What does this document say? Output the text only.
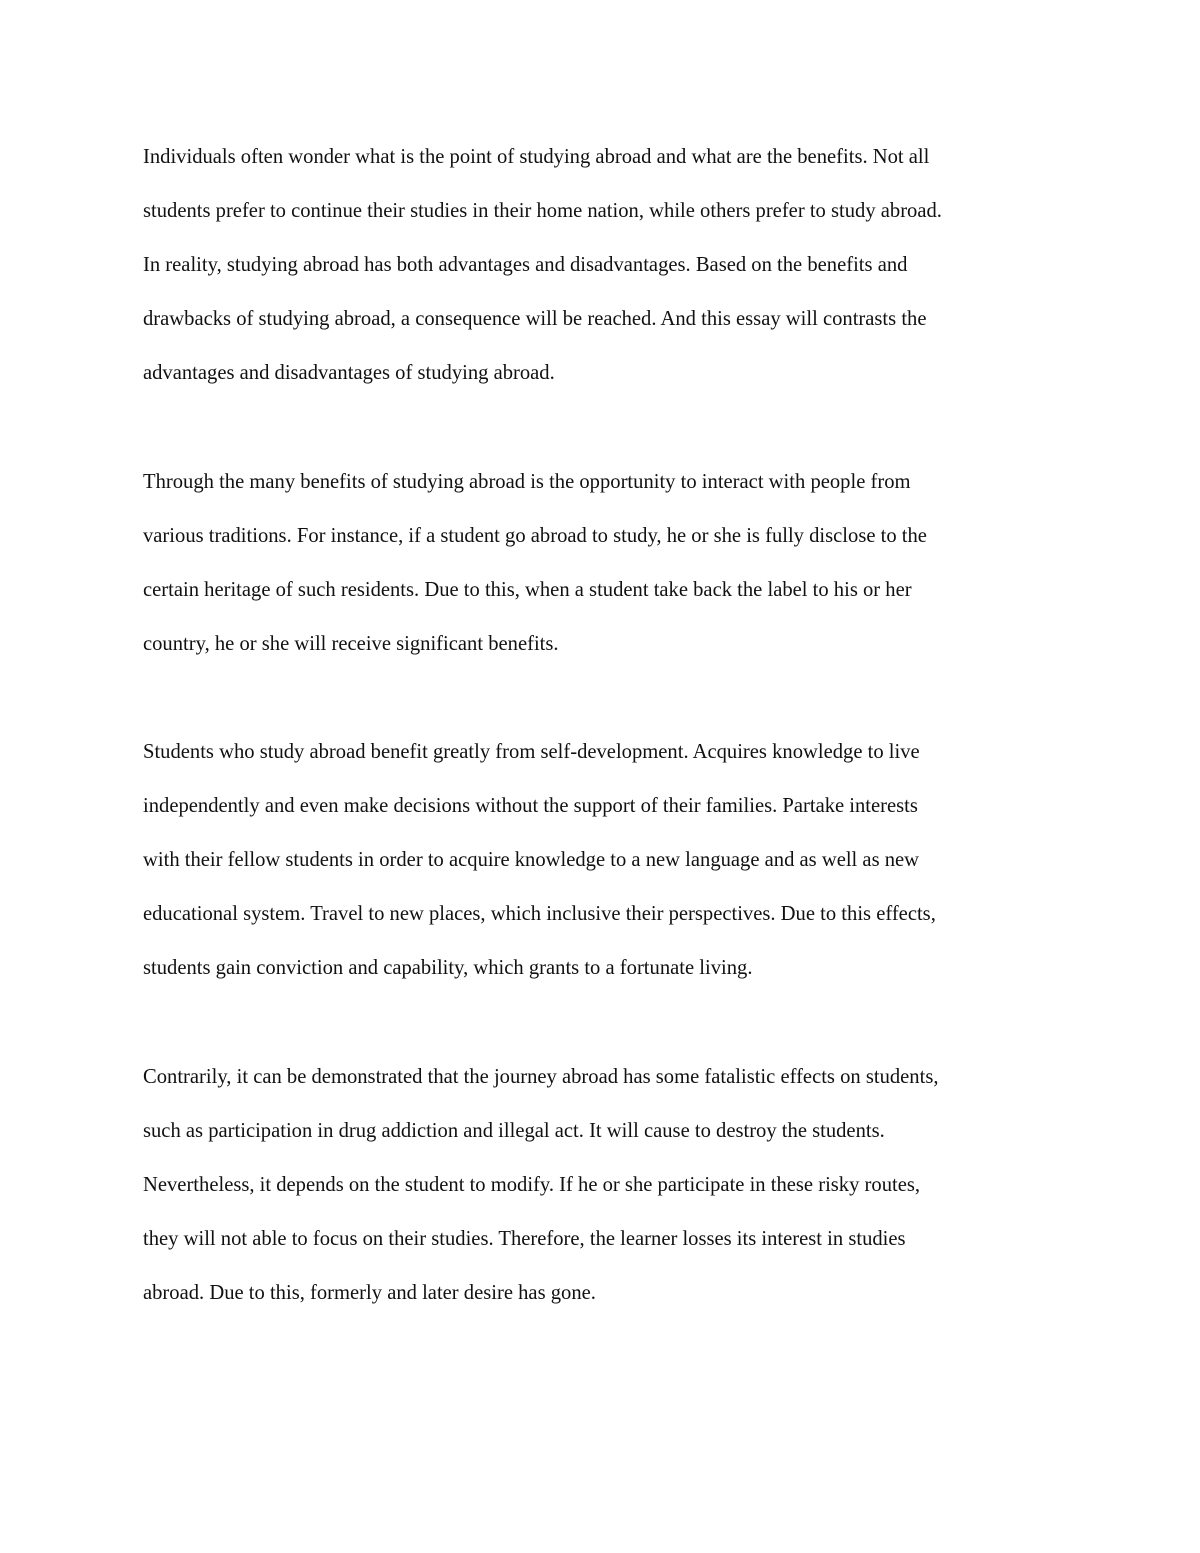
Individuals often wonder what is the point of studying abroad and what are the benefits. Not all
students prefer to continue their studies in their home nation, while others prefer to study abroad.
In reality, studying abroad has both advantages and disadvantages. Based on the benefits and
drawbacks of studying abroad, a consequence will be reached. And this essay will contrasts the
advantages and disadvantages of studying abroad.
Through the many benefits of studying abroad is the opportunity to interact with people from
various traditions. For instance, if a student go abroad to study, he or she is fully disclose to the
certain heritage of such residents. Due to this, when a student take back the label to his or her
country, he or she will receive significant benefits.
Students who study abroad benefit greatly from self-development. Acquires knowledge to live
independently and even make decisions without the support of their families. Partake interests
with their fellow students in order to acquire knowledge to a new language and as well as new
educational system. Travel to new places, which inclusive their perspectives. Due to this effects,
students gain conviction and capability, which grants to a fortunate living.
Contrarily, it can be demonstrated that the journey abroad has some fatalistic effects on students,
such as participation in drug addiction and illegal act. It will cause to destroy the students.
Nevertheless, it depends on the student to modify. If he or she participate in these risky routes,
they will not able to focus on their studies. Therefore, the learner losses its interest in studies
abroad. Due to this, formerly and later desire has gone.
